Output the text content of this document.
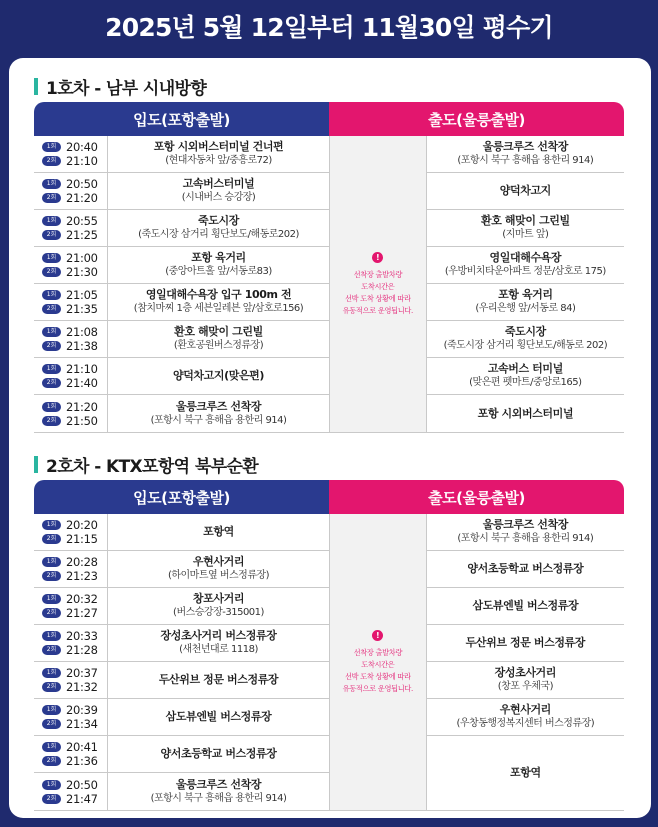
2025년 5월 12일부터 11월30일 평수기
1호차 - 남부 시내방향
입도(포항출발)	출도(울릉출발)
1회 20:40
2회 21:10
포항 시외버스터미널 건너편
(현대자동차 앞/중흥로72)
1회 20:50
2회 21:20
고속버스터미널
(시내버스 승강장)
1회 20:55
2회 21:25
죽도시장
(죽도시장 삼거리 횡단보도/해동로202)
1회 21:00
2회 21:30
포항 육거리
(중앙아트홀 앞/서동로83)
1회 21:05
2회 21:35
영일대해수욕장 입구 100m 전
(참치마찌 1층 세븐일레븐 앞/삼호로156)
1회 21:08
2회 21:38
환호 해맞이 그린빌
(환호공원버스정류장)
1회 21:10
2회 21:40
양덕차고지(맞은편)
1회 21:20
2회 21:50
울릉크루즈 선착장
(포항시 북구 흥해읍 용한리 914)
!
선착장 출발차량
도착시간은
선박 도착 상황에 따라
유동적으로 운영됩니다.
울릉크루즈 선착장
(포항시 북구 흥해읍 용한리 914)
양덕차고지
환호 해맞이 그린빌
(지마트 앞)
영일대해수욕장
(우방비치타운아파트 정문/삼호로 175)
포항 육거리
(우리은행 앞/서동로 84)
죽도시장
(죽도시장 삼거리 횡단보도/해동로 202)
고속버스 터미널
(맞은편 펫마트/중앙로165)
포항 시외버스터미널
2호차 - KTX포항역 북부순환
입도(포항출발)	출도(울릉출발)
1회 20:20
2회 21:15
포항역
1회 20:28
2회 21:23
우현사거리
(하이마트옆 버스정류장)
1회 20:32
2회 21:27
창포사거리
(버스승강장-315001)
1회 20:33
2회 21:28
장성초사거리 버스정류장
(새천년대로 1118)
1회 20:37
2회 21:32
두산위브 정문 버스정류장
1회 20:39
2회 21:34
삼도뷰엔빌 버스정류장
1회 20:41
2회 21:36
양서초등학교 버스정류장
1회 20:50
2회 21:47
울릉크루즈 선착장
(포항시 북구 흥해읍 용한리 914)
!
선착장 출발차량
도착시간은
선박 도착 상황에 따라
유동적으로 운영됩니다.
울릉크루즈 선착장
(포항시 북구 흥해읍 용한리 914)
양서초등학교 버스정류장
삼도뷰엔빌 버스정류장
두산위브 정문 버스정류장
장성초사거리
(창포 우체국)
우현사거리
(우창동행정복지센터 버스정류장)
포항역
